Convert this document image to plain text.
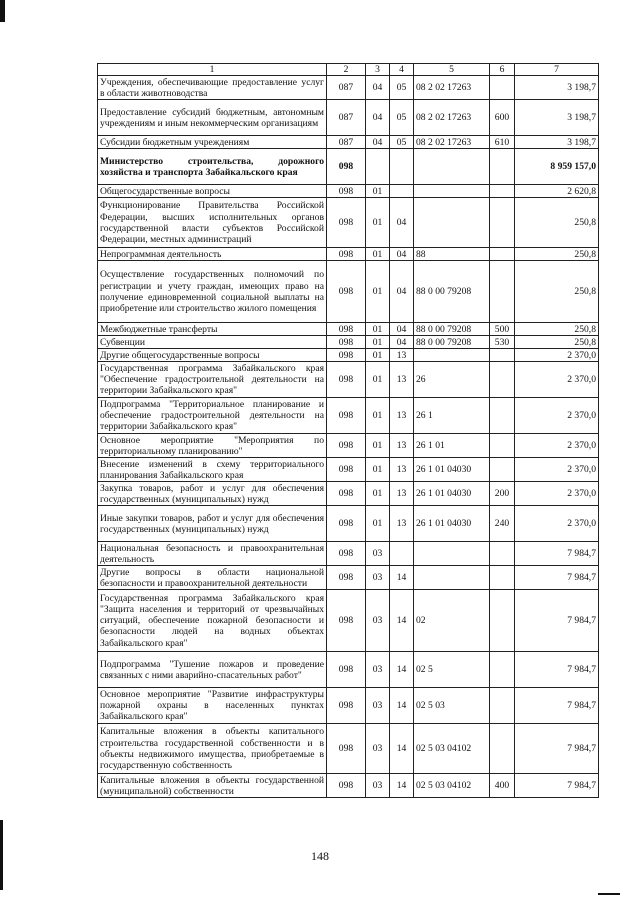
1	2	3	4	5	6	7
Учреждения, обеспечивающие предоставление услуг в области животноводства	087	04	05	08 2 02 17263		3 198,7
Предоставление субсидий бюджетным, автономным учреждениям и иным некоммерческим организациям	087	04	05	08 2 02 17263	600	3 198,7
Субсидии бюджетным учреждениям	087	04	05	08 2 02 17263	610	3 198,7
Министерство строительства, дорожного хозяйства и транспорта Забайкальского края	098					8 959 157,0
Общегосударственные вопросы	098	01				2 620,8
Функционирование Правительства Российской Федерации, высших исполнительных органов государственной власти субъектов Российской Федерации, местных администраций	098	01	04			250,8
Непрограммная деятельность	098	01	04	88		250,8
Осуществление государственных полномочий по регистрации и учету граждан, имеющих право на получение единовременной социальной выплаты на приобретение или строительство жилого помещения	098	01	04	88 0 00 79208		250,8
Межбюджетные трансферты	098	01	04	88 0 00 79208	500	250,8
Субвенции	098	01	04	88 0 00 79208	530	250,8
Другие общегосударственные вопросы	098	01	13			2 370,0
Государственная программа Забайкальского края "Обеспечение градостроительной деятельности на территории Забайкальского края"	098	01	13	26		2 370,0
Подпрограмма "Территориальное планирование и обеспечение градостроительной деятельности на территории Забайкальского края"	098	01	13	26 1		2 370,0
Основное мероприятие "Мероприятия по территориальному планированию"	098	01	13	26 1 01		2 370,0
Внесение изменений в схему территориального планирования Забайкальского края	098	01	13	26 1 01 04030		2 370,0
Закупка товаров, работ и услуг для обеспечения государственных (муниципальных) нужд	098	01	13	26 1 01 04030	200	2 370,0
Иные закупки товаров, работ и услуг для обеспечения государственных (муниципальных) нужд	098	01	13	26 1 01 04030	240	2 370,0
Национальная безопасность и правоохранительная деятельность	098	03				7 984,7
Другие вопросы в области национальной безопасности и правоохранительной деятельности	098	03	14			7 984,7
Государственная программа Забайкальского края "Защита населения и территорий от чрезвычайных ситуаций, обеспечение пожарной безопасности и безопасности людей на водных объектах Забайкальского края"	098	03	14	02		7 984,7
Подпрограмма "Тушение пожаров и проведение связанных с ними аварийно-спасательных работ"	098	03	14	02 5		7 984,7
Основное мероприятие "Развитие инфраструктуры пожарной охраны в населенных пунктах Забайкальского края"	098	03	14	02 5 03		7 984,7
Капитальные вложения в объекты капитального строительства государственной собственности и в объекты недвижимого имущества, приобретаемые в государственную собственность	098	03	14	02 5 03 04102		7 984,7
Капитальные вложения в объекты государственной (муниципальной) собственности	098	03	14	02 5 03 04102	400	7 984,7
148
